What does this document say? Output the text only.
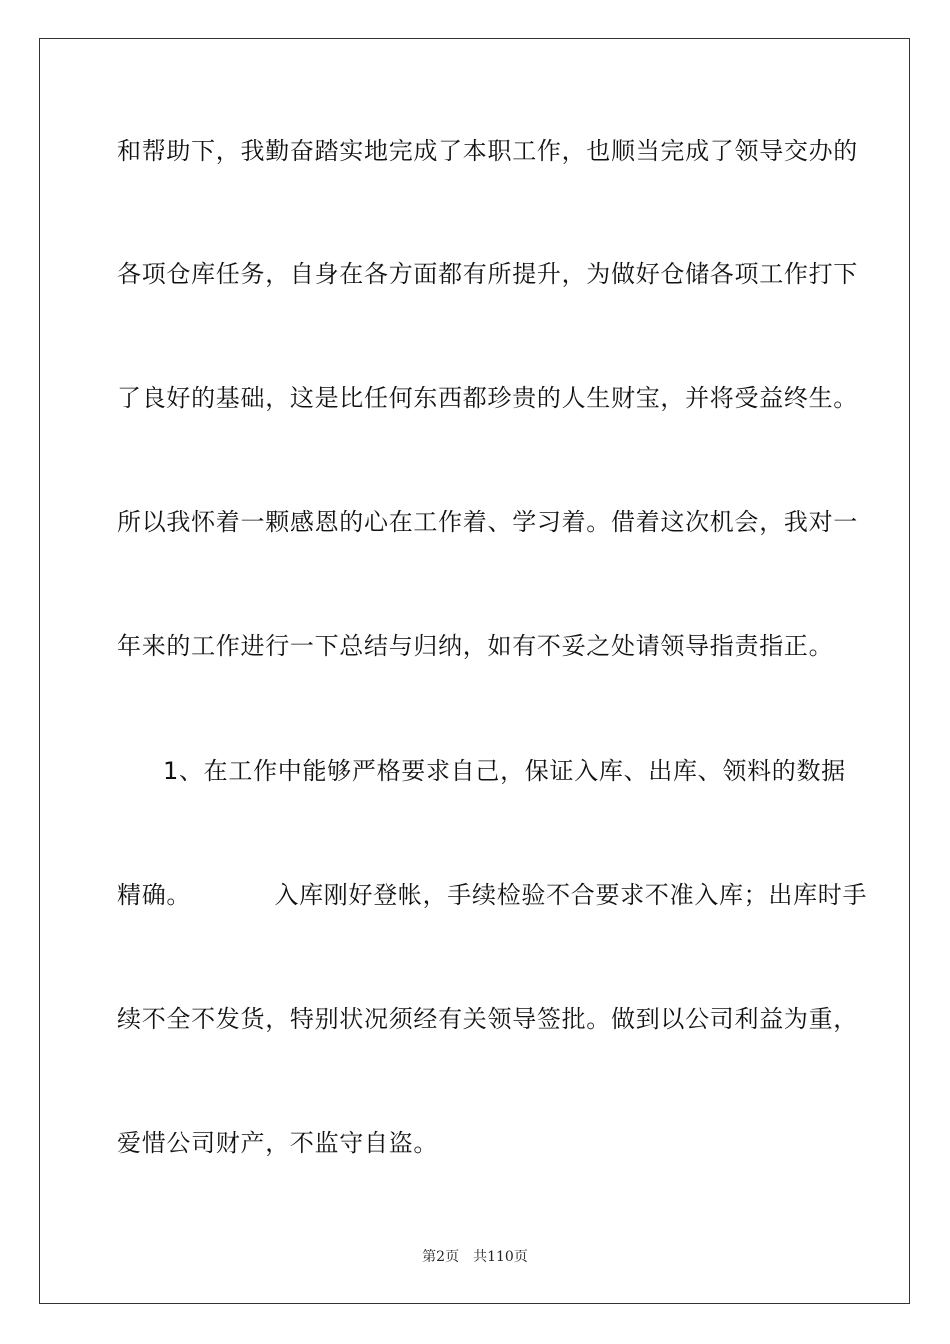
和帮助下，我勤奋踏实地完成了本职工作，也顺当完成了领导交办的
各项仓库任务，自身在各方面都有所提升，为做好仓储各项工作打下
了良好的基础，这是比任何东西都珍贵的人生财宝，并将受益终生。
所以我怀着一颗感恩的心在工作着、学习着。借着这次机会，我对一
年来的工作进行一下总结与归纳，如有不妥之处请领导指责指正。
1、在工作中能够严格要求自己，保证入库、出库、领料的数据
精确。          入库刚好登帐，手续检验不合要求不准入库；出库时手
续不全不发货，特别状况须经有关领导签批。做到以公司利益为重，
爱惜公司财产，不监守自盗。
第2页 共110页
